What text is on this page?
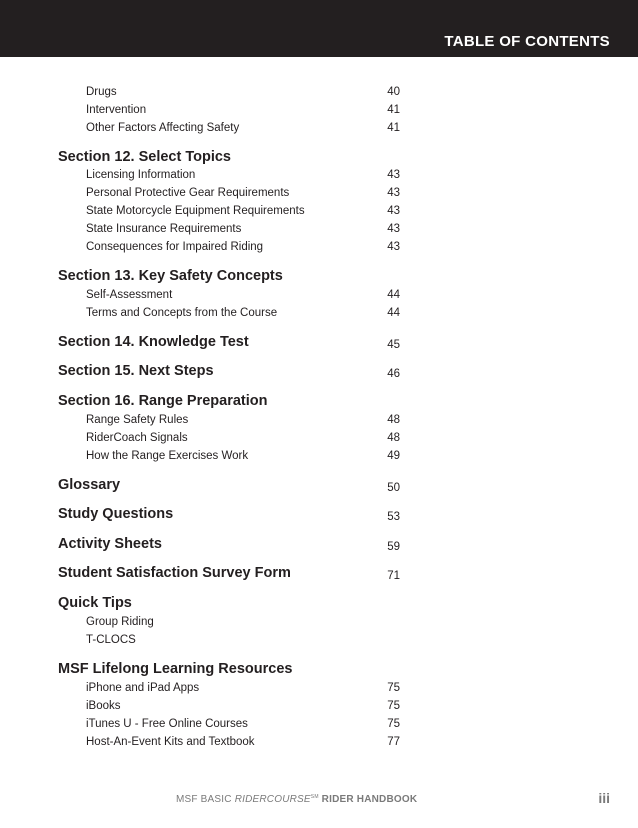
TABLE OF CONTENTS
Drugs	40
Intervention	41
Other Factors Affecting Safety	41
Section 12. Select Topics
Licensing Information	43
Personal Protective Gear Requirements	43
State Motorcycle Equipment Requirements	43
State Insurance Requirements	43
Consequences for Impaired Riding	43
Section 13. Key Safety Concepts
Self-Assessment	44
Terms and Concepts from the Course	44
Section 14. Knowledge Test	45
Section 15. Next Steps	46
Section 16. Range Preparation
Range Safety Rules	48
RiderCoach Signals	48
How the Range Exercises Work	49
Glossary	50
Study Questions	53
Activity Sheets	59
Student Satisfaction Survey Form	71
Quick Tips
Group Riding
T-CLOCS
MSF Lifelong Learning Resources
iPhone and iPad Apps	75
iBooks	75
iTunes U - Free Online Courses	75
Host-An-Event Kits and Textbook	77
MSF BASIC RIDERCOURSE℠ RIDER HANDBOOK	iii
